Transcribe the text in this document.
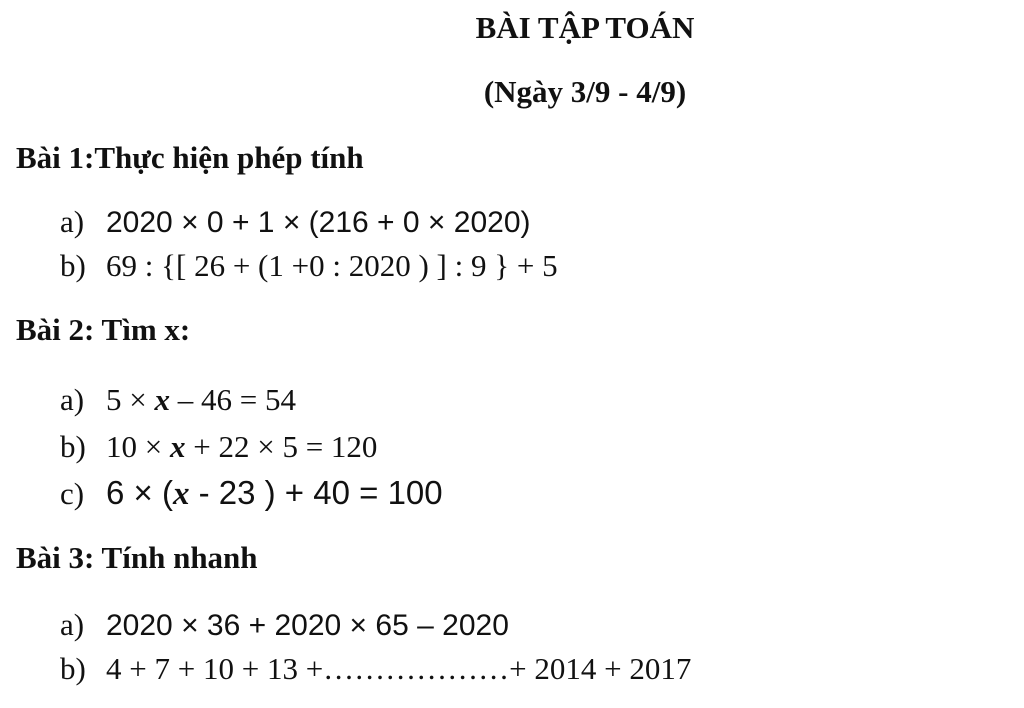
BÀI TẬP TOÁN
(Ngày 3/9 - 4/9)
Bài 1:Thực hiện phép tính
a) 2020 × 0 + 1 × (216 + 0 × 2020)
b) 69 : {[ 26 + (1 +0 : 2020 ) ] : 9 } + 5
Bài 2: Tìm x:
a) 5 × x – 46 = 54
b) 10 × x + 22 × 5 = 120
c) 6 × (x - 23 ) + 40 = 100
Bài 3: Tính nhanh
a) 2020 × 36 + 2020 × 65 – 2020
b) 4 + 7 + 10 + 13 +………………+ 2014 + 2017
